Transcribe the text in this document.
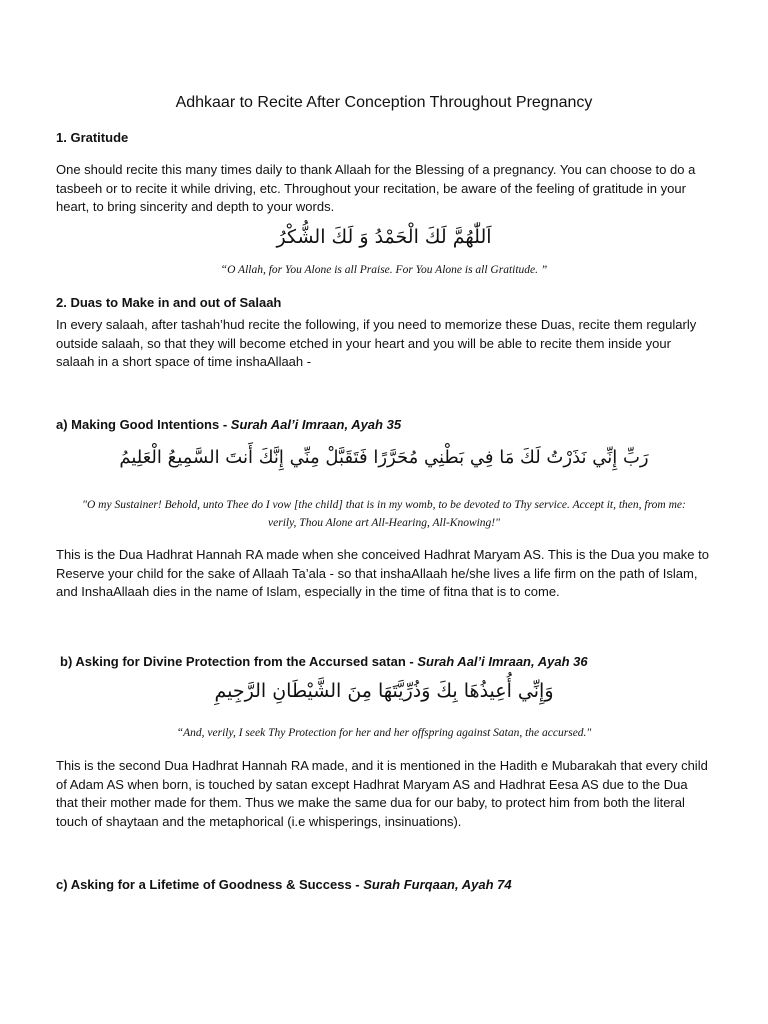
Adhkaar to Recite After Conception Throughout Pregnancy
1. Gratitude
One should recite this many times daily to thank Allaah for the Blessing of a pregnancy. You can choose to do a tasbeeh or to recite it while driving, etc. Throughout your recitation, be aware of the feeling of gratitude in your heart, to bring sincerity and depth to your words.
اَللّٰهُمَّ لَكَ الْحَمْدُ وَ لَكَ الشُّكْرُ
“O Allah, for You Alone is all Praise. For You Alone is all Gratitude. ”
2. Duas to Make in and out of Salaah
In every salaah, after tashah’hud recite the following, if you need to memorize these Duas, recite them regularly outside salaah, so that they will become etched in your heart and you will be able to recite them inside your salaah in a short space of time inshaAllaah -
a) Making Good Intentions - Surah Aal’i Imraan, Ayah 35
رَبِّ إِنِّي نَذَرْتُ لَكَ مَا فِي بَطْنِي مُحَرَّرًا فَتَقَبَّلْ مِنِّي إِنَّكَ أَنتَ السَّمِيعُ الْعَلِيمُ
"O my Sustainer! Behold, unto Thee do I vow [the child] that is in my womb, to be devoted to Thy service. Accept it, then, from me:
verily, Thou Alone art All-Hearing, All-Knowing!"
This is the Dua Hadhrat Hannah RA made when she conceived Hadhrat Maryam AS. This is the Dua you make to Reserve your child for the sake of Allaah Ta’ala - so that inshaAllaah he/she lives a life firm on the path of Islam, and InshaAllaah dies in the name of Islam, especially in the time of fitna that is to come.
b) Asking for Divine Protection from the Accursed satan - Surah Aal’i Imraan, Ayah 36
وَإِنِّي أُعِيذُهَا بِكَ وَذُرِّيَّتَهَا مِنَ الشَّيْطَانِ الرَّجِيمِ
“And, verily, I seek Thy Protection for her and her offspring against Satan, the accursed."
This is the second Dua Hadhrat Hannah RA made, and it is mentioned in the Hadith e Mubarakah that every child of Adam AS when born, is touched by satan except Hadhrat Maryam AS and Hadhrat Eesa AS due to the Dua that their mother made for them. Thus we make the same dua for our baby, to protect him from both the literal touch of shaytaan and the metaphorical (i.e whisperings, insinuations).
c) Asking for a Lifetime of Goodness & Success - Surah Furqaan, Ayah 74
